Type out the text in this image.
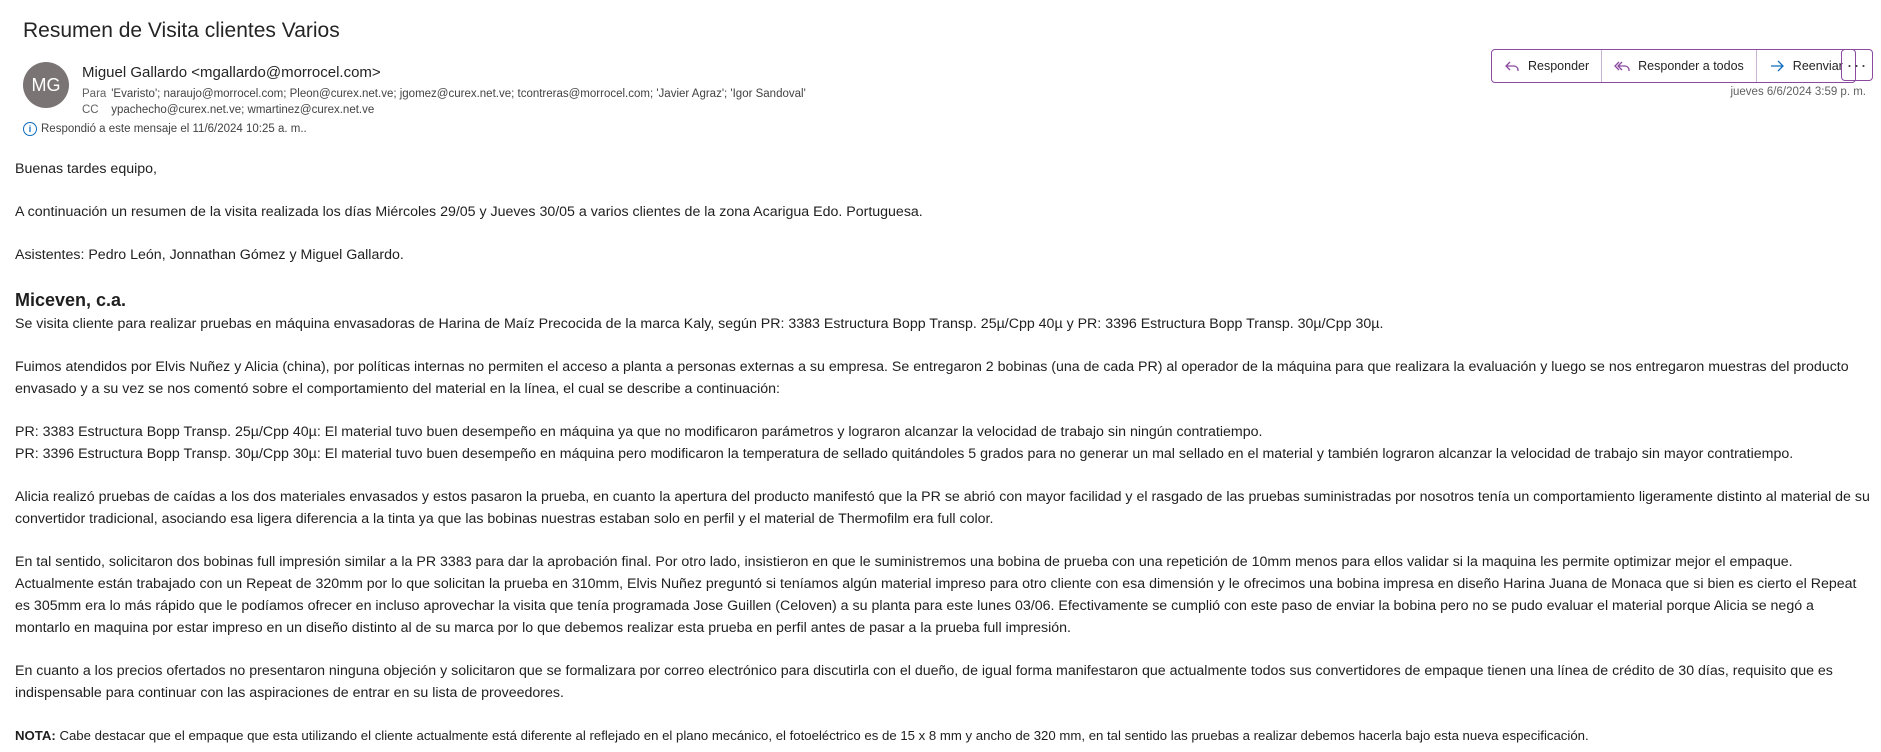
Resumen de Visita clientes Varios
MG
Miguel Gallardo <mgallardo@morrocel.com>
Para 'Evaristo'; naraujo@morrocel.com; Pleon@curex.net.ve; jgomez@curex.net.ve; tcontreras@morrocel.com; 'Javier Agraz'; 'Igor Sandoval'
CC ypachecho@curex.net.ve; wmartinez@curex.net.ve
i Respondió a este mensaje el 11/6/2024 10:25 a. m..
Responder	Responder a todos	Reenviar ···
jueves 6/6/2024 3:59 p. m.

Buenas tardes equipo,

A continuación un resumen de la visita realizada los días Miércoles 29/05 y Jueves 30/05 a varios clientes de la zona Acarigua Edo. Portuguesa.

Asistentes: Pedro León, Jonnathan Gómez y Miguel Gallardo.

Miceven, c.a.

Se visita cliente para realizar pruebas en máquina envasadoras de Harina de Maíz Precocida de la marca Kaly, según PR: 3383 Estructura Bopp Transp. 25µ/Cpp 40µ y PR: 3396 Estructura Bopp Transp. 30µ/Cpp 30µ.

Fuimos atendidos por Elvis Nuñez y Alicia (china), por políticas internas no permiten el acceso a planta a personas externas a su empresa. Se entregaron 2 bobinas (una de cada PR) al operador de la máquina para que realizara la evaluación y luego se nos entregaron muestras del producto envasado y a su vez se nos comentó sobre el comportamiento del material en la línea, el cual se describe a continuación:

PR: 3383 Estructura Bopp Transp. 25µ/Cpp 40µ: El material tuvo buen desempeño en máquina ya que no modificaron parámetros y lograron alcanzar la velocidad de trabajo sin ningún contratiempo.
PR: 3396 Estructura Bopp Transp. 30µ/Cpp 30µ: El material tuvo buen desempeño en máquina pero modificaron la temperatura de sellado quitándoles 5 grados para no generar un mal sellado en el material y también lograron alcanzar la velocidad de trabajo sin mayor contratiempo.

Alicia realizó pruebas de caídas a los dos materiales envasados y estos pasaron la prueba, en cuanto la apertura del producto manifestó que la PR se abrió con mayor facilidad y el rasgado de las pruebas suministradas por nosotros tenía un comportamiento ligeramente distinto al material de su convertidor tradicional, asociando esa ligera diferencia a la tinta ya que las bobinas nuestras estaban solo en perfil y el material de Thermofilm era full color.

En tal sentido, solicitaron dos bobinas full impresión similar a la PR 3383 para dar la aprobación final. Por otro lado, insistieron en que le suministremos una bobina de prueba con una repetición de 10mm menos para ellos validar si la maquina les permite optimizar mejor el empaque. Actualmente están trabajado con un Repeat de 320mm por lo que solicitan la prueba en 310mm, Elvis Nuñez preguntó si teníamos algún material impreso para otro cliente con esa dimensión y le ofrecimos una bobina impresa en diseño Harina Juana de Monaca que si bien es cierto el Repeat es 305mm era lo más rápido que le podíamos ofrecer en incluso aprovechar la visita que tenía programada Jose Guillen (Celoven) a su planta para este lunes 03/06. Efectivamente se cumplió con este paso de enviar la bobina pero no se pudo evaluar el material porque Alicia se negó a montarlo en maquina por estar impreso en un diseño distinto al de su marca por lo que debemos realizar esta prueba en perfil antes de pasar a la prueba full impresión.

En cuanto a los precios ofertados no presentaron ninguna objeción y solicitaron que se formalizara por correo electrónico para discutirla con el dueño, de igual forma manifestaron que actualmente todos sus convertidores de empaque tienen una línea de crédito de 30 días, requisito que es indispensable para continuar con las aspiraciones de entrar en su lista de proveedores.

NOTA: Cabe destacar que el empaque que esta utilizando el cliente actualmente está diferente al reflejado en el plano mecánico, el fotoeléctrico es de 15 x 8 mm y ancho de 320 mm, en tal sentido las pruebas a realizar debemos hacerla bajo esta nueva especificación.
